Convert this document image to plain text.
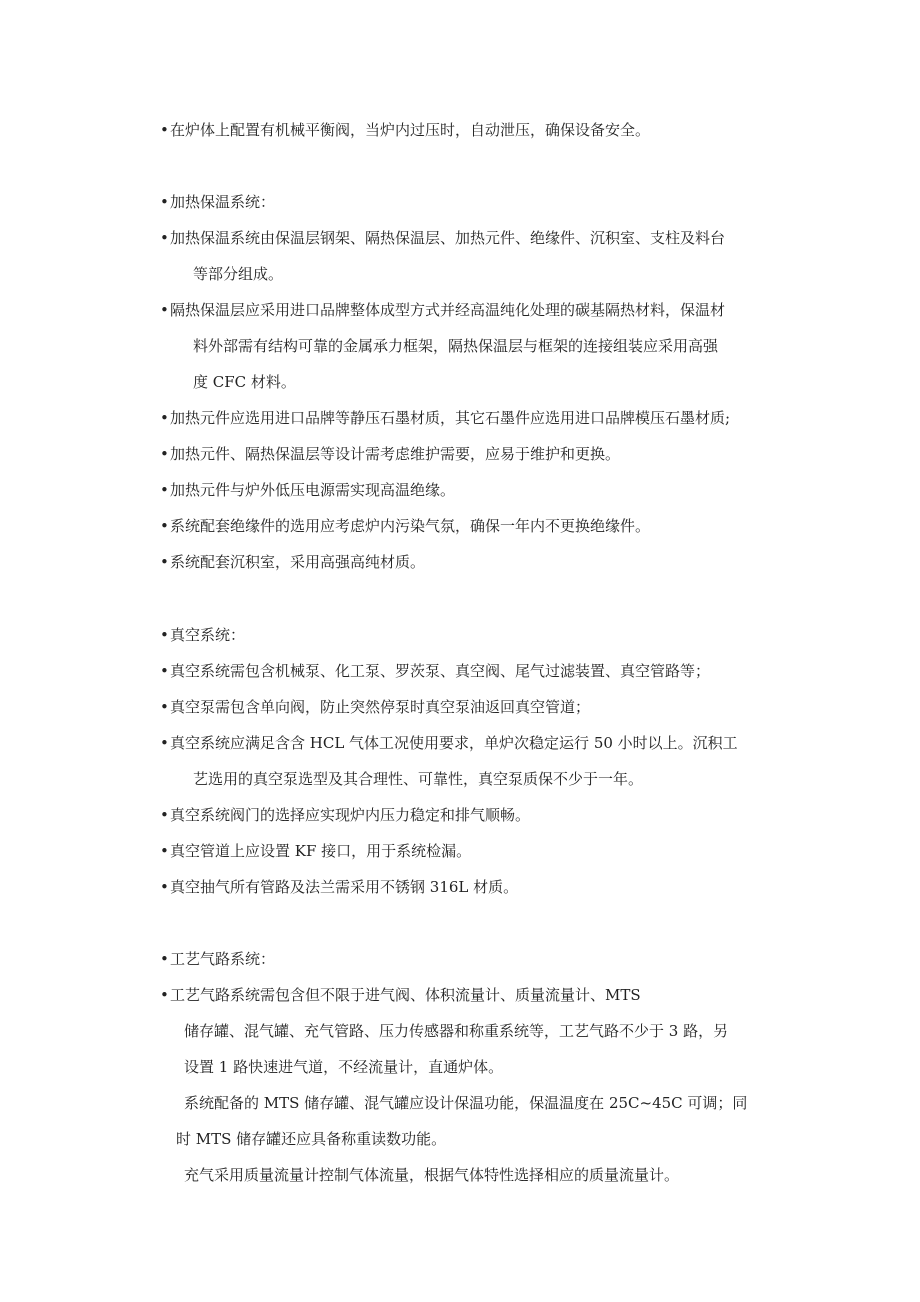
• 在炉体上配置有机械平衡阀，当炉内过压时，自动泄压，确保设备安全。
• 加热保温系统：
• 加热保温系统由保温层钢架、隔热保温层、加热元件、绝缘件、沉积室、支柱及料台
等部分组成。
• 隔热保温层应采用进口品牌整体成型方式并经高温纯化处理的碳基隔热材料，保温材
料外部需有结构可靠的金属承力框架，隔热保温层与框架的连接组装应采用高强
度 CFC 材料。
• 加热元件应选用进口品牌等静压石墨材质，其它石墨件应选用进口品牌模压石墨材质;
• 加热元件、隔热保温层等设计需考虑维护需要，应易于维护和更换。
• 加热元件与炉外低压电源需实现高温绝缘。
• 系统配套绝缘件的选用应考虑炉内污染气氛，确保一年内不更换绝缘件。
• 系统配套沉积室，采用高强高纯材质。
• 真空系统：
• 真空系统需包含机械泵、化工泵、罗茨泵、真空阀、尾气过滤装置、真空管路等；
• 真空泵需包含单向阀，防止突然停泵时真空泵油返回真空管道；
• 真空系统应满足含含 HCL 气体工况使用要求，单炉次稳定运行 50 小时以上。沉积工
艺选用的真空泵选型及其合理性、可靠性，真空泵质保不少于一年。
• 真空系统阀门的选择应实现炉内压力稳定和排气顺畅。
• 真空管道上应设置 KF 接口，用于系统检漏。
• 真空抽气所有管路及法兰需采用不锈钢 316L 材质。
• 工艺气路系统：
• 工艺气路系统需包含但不限于进气阀、体积流量计、质量流量计、MTS
储存罐、混气罐、充气管路、压力传感器和称重系统等，工艺气路不少于 3 路，另
设置 1 路快速进气道，不经流量计，直通炉体。
系统配备的 MTS 储存罐、混气罐应设计保温功能，保温温度在 25C~45C 可调；同
时 MTS 储存罐还应具备称重读数功能。
充气采用质量流量计控制气体流量，根据气体特性选择相应的质量流量计。
